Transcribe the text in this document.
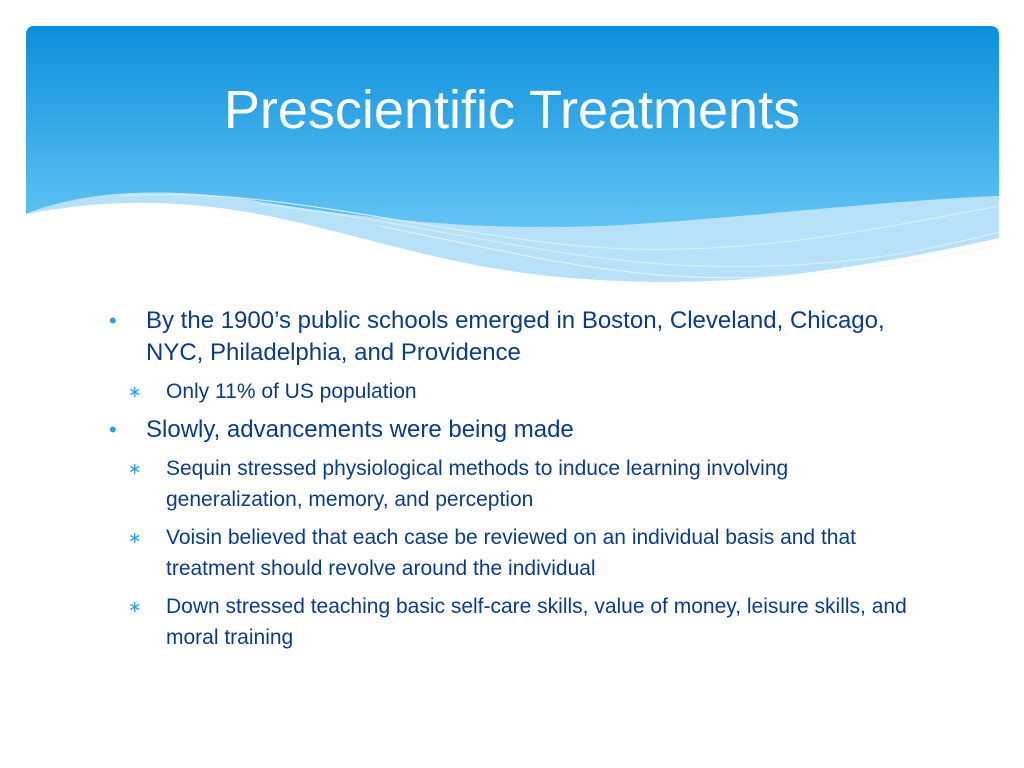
Prescientific Treatments
• By the 1900’s public schools emerged in Boston, Cleveland, Chicago, NYC, Philadelphia, and Providence
∗ Only 11% of US population
• Slowly, advancements were being made
∗ Sequin stressed physiological methods to induce learning involving generalization, memory, and perception
∗ Voisin believed that each case be reviewed on an individual basis and that treatment should revolve around the individual
∗ Down stressed teaching basic self-care skills, value of money, leisure skills, and moral training
